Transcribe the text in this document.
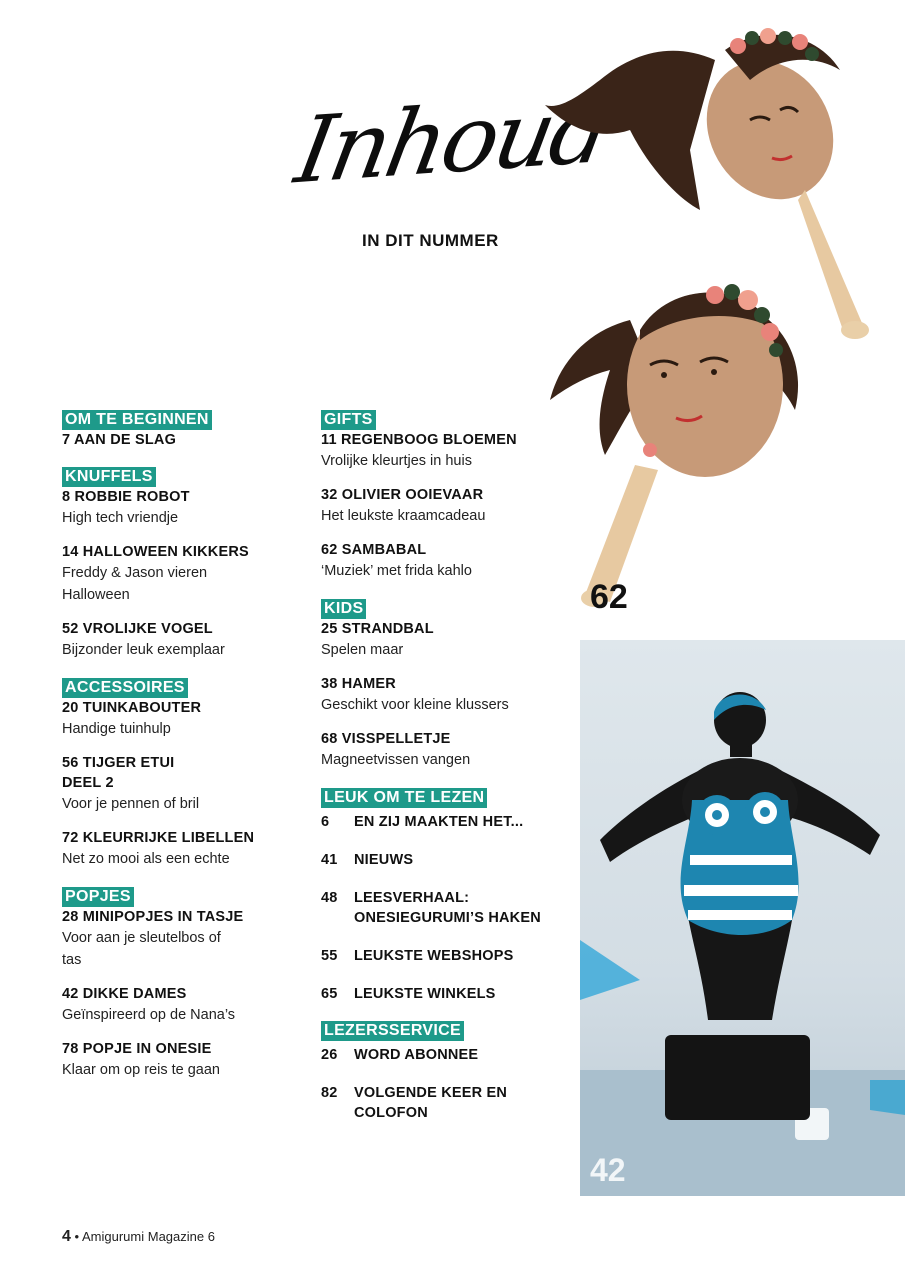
Inhoud
IN DIT NUMMER
62
42
OM TE BEGINNEN
7 AAN DE SLAG
KNUFFELS
8 ROBBIE ROBOT
High tech vriendje
14 HALLOWEEN KIKKERS
Freddy & Jason vieren Halloween
52 VROLIJKE VOGEL
Bijzonder leuk exemplaar
ACCESSOIRES
20 TUINKABOUTER
Handige tuinhulp
56 TIJGER ETUI DEEL 2
Voor je pennen of bril
72 KLEURRIJKE LIBELLEN
Net zo mooi als een echte
POPJES
28 MINIPOPJES IN TASJE
Voor aan je sleutelbos of tas
42 DIKKE DAMES
Geïnspireerd op de Nana’s
78 POPJE IN ONESIE
Klaar om op reis te gaan
GIFTS
11 REGENBOOG BLOEMEN
Vrolijke kleurtjes in huis
32 OLIVIER OOIEVAAR
Het leukste kraamcadeau
62 SAMBABAL
‘Muziek’ met frida kahlo
KIDS
25 STRANDBAL
Spelen maar
38 HAMER
Geschikt voor kleine klussers
68 VISSPELLETJE
Magneetvissen vangen
LEUK OM TE LEZEN
6	EN ZIJ MAAKTEN HET...
41	NIEUWS
48	LEESVERHAAL: ONESIEGURUMI’S HAKEN
55	LEUKSTE WEBSHOPS
65	LEUKSTE WINKELS
LEZERSSERVICE
26	WORD ABONNEE
82	VOLGENDE KEER EN COLOFON
4 • Amigurumi Magazine 6
